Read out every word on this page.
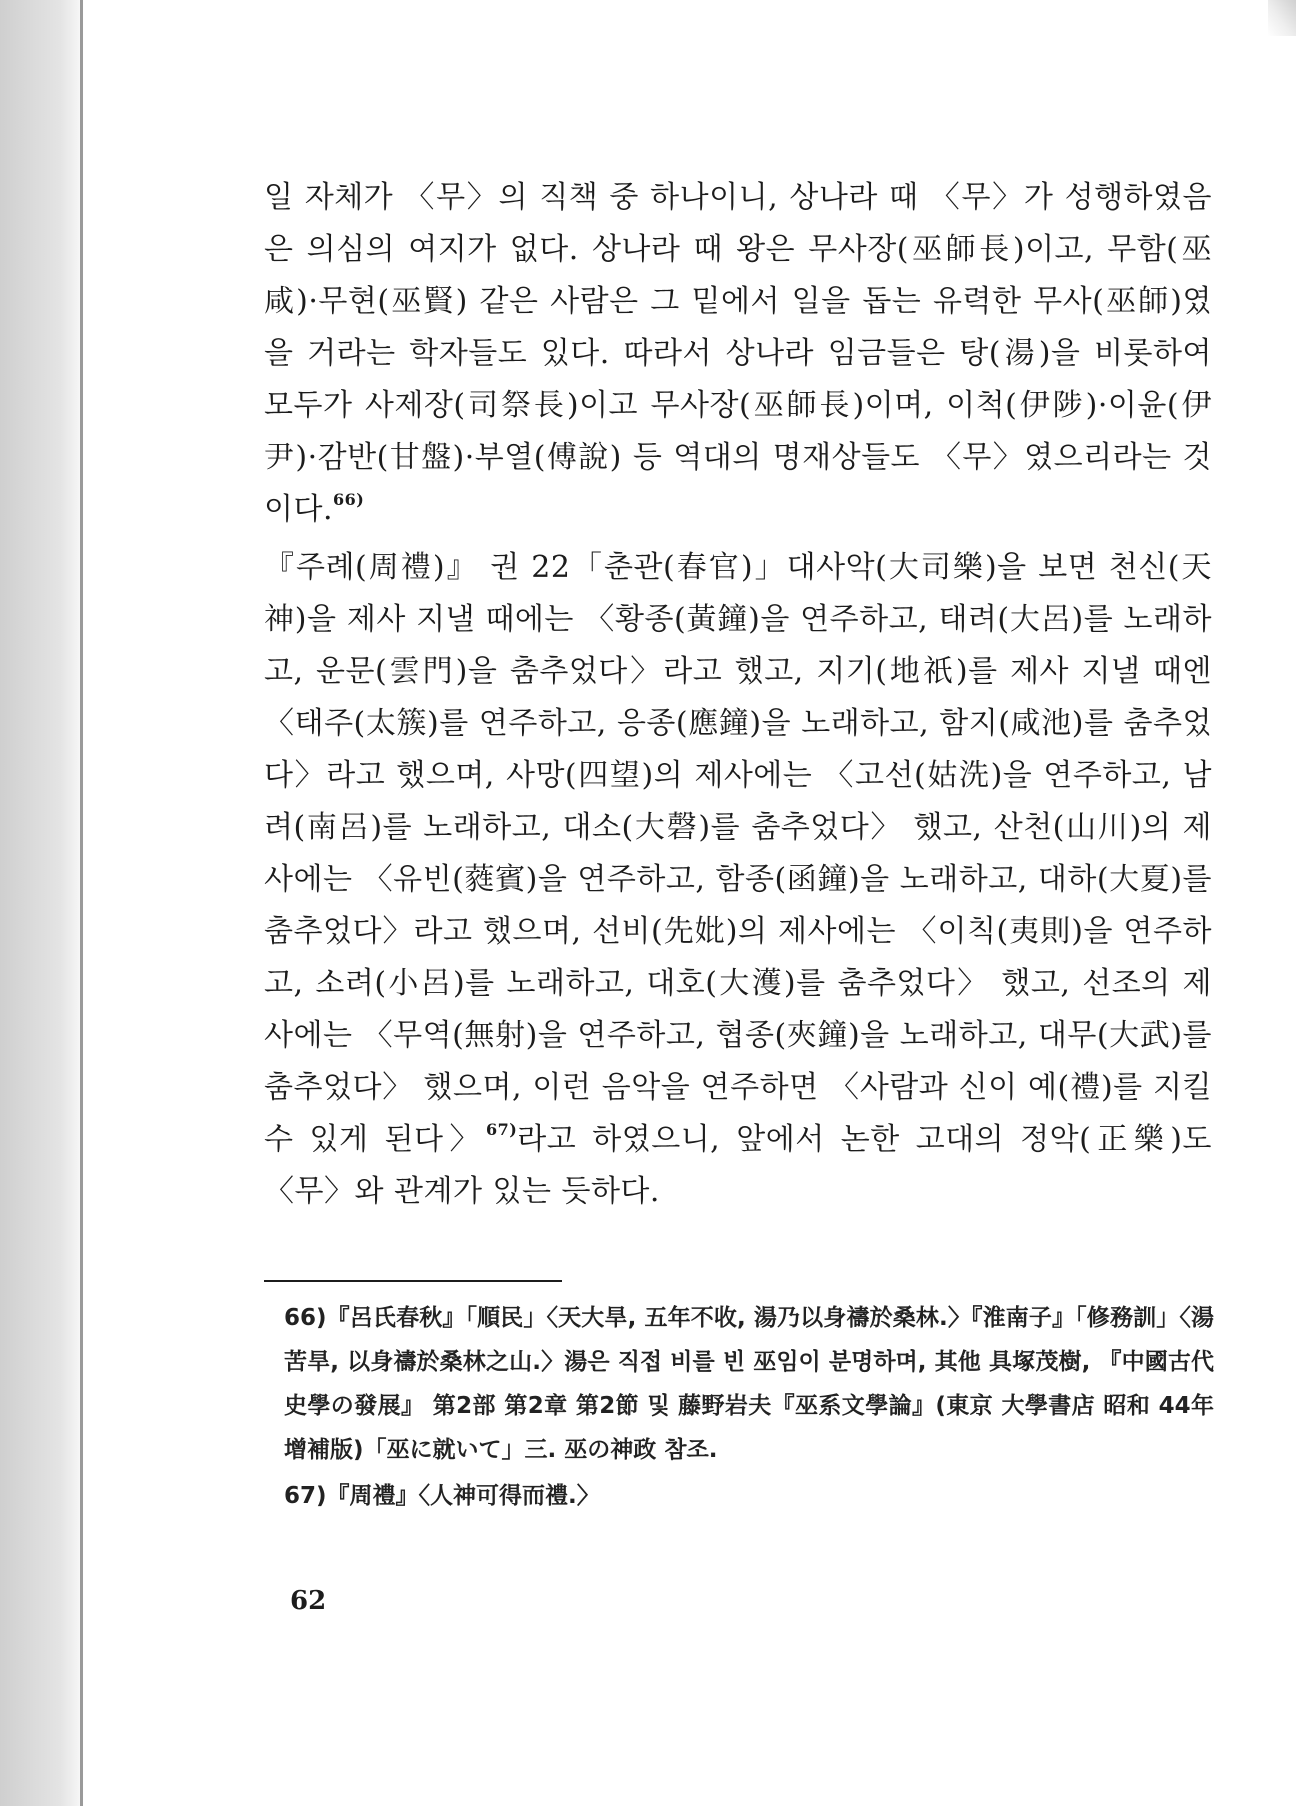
일 자체가 〈무〉의 직책 중 하나이니, 상나라 때 〈무〉가 성행하였음은 의심의 여지가 없다. 상나라 때 왕은 무사장(巫師長)이고, 무함(巫咸)·무현(巫賢) 같은 사람은 그 밑에서 일을 돕는 유력한 무사(巫師)였을 거라는 학자들도 있다. 따라서 상나라 임금들은 탕(湯)을 비롯하여 모두가 사제장(司祭長)이고 무사장(巫師長)이며, 이척(伊陟)·이윤(伊尹)·감반(甘盤)·부열(傅說) 등 역대의 명재상들도 〈무〉였으리라는 것이다.$^{66)}$

『주례(周禮)』 권 22「춘관(春官)」대사악(大司樂)을 보면 천신(天神)을 제사 지낼 때에는 〈황종(黃鐘)을 연주하고, 태려(大呂)를 노래하고, 운문(雲門)을 춤추었다〉라고 했고, 지기(地祇)를 제사 지낼 때엔 〈태주(太簇)를 연주하고, 응종(應鐘)을 노래하고, 함지(咸池)를 춤추었다〉라고 했으며, 사망(四望)의 제사에는 〈고선(姑洗)을 연주하고, 남려(南呂)를 노래하고, 대소(大磬)를 춤추었다〉 했고, 산천(山川)의 제사에는 〈유빈(蕤賓)을 연주하고, 함종(函鐘)을 노래하고, 대하(大夏)를 춤추었다〉라고 했으며, 선비(先妣)의 제사에는 〈이칙(夷則)을 연주하고, 소려(小呂)를 노래하고, 대호(大濩)를 춤추었다〉 했고, 선조의 제사에는 〈무역(無射)을 연주하고, 협종(夾鐘)을 노래하고, 대무(大武)를 춤추었다〉 했으며, 이런 음악을 연주하면 〈사람과 신이 예(禮)를 지킬 수 있게 된다〉$^{67)}$라고 하였으니, 앞에서 논한 고대의 정악(正樂)도 〈무〉와 관계가 있는 듯하다.

66)『呂氏春秋』「順民」〈天大旱, 五年不收, 湯乃以身禱於桑林.〉『淮南子』「修務訓」〈湯苦旱, 以身禱於桑林之山.〉湯은 직접 비를 빈 巫임이 분명하며, 其他 具塚茂樹, 『中國古代史學の發展』 第2部 第2章 第2節 및 藤野岩夫『巫系文學論』(東京 大學書店 昭和 44年 增補版)「巫に就いて」三. 巫の神政 참조.

67)『周禮』〈人神可得而禮.〉

62
